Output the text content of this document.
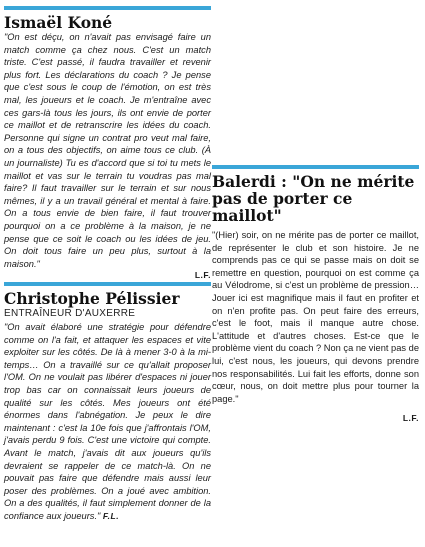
Ismaël Koné
"On est déçu, on n'avait pas envisagé faire un match comme ça chez nous. C'est un match triste. C'est passé, il faudra travailler et revenir plus fort. Les déclarations du coach ? Je pense que c'est sous le coup de l'émotion, on est très mal, les joueurs et le coach. Je m'entraîne avec ces gars-là tous les jours, ils ont envie de porter ce maillot et de retranscrire les idées du coach. Personne qui signe un contrat pro veut mal faire, on a tous des objectifs, on aime tous ce club. (À un journaliste) Tu es d'accord que si toi tu mets le maillot et vas sur le terrain tu voudras pas mal faire? Il faut travailler sur le terrain et sur nous mêmes, il y a un travail général et mental à faire. On a tous envie de bien faire, il faut trouver pourquoi on a ce problème à la maison, je ne pense que ce soit le coach ou les idées de jeu. On doit tous faire un peu plus, surtout à la maison."
L.F.
Christophe Pélissier
ENTRAÎNEUR D'AUXERRE
"On avait élaboré une stratégie pour défendre comme on l'a fait, et attaquer les espaces et vite exploiter sur les côtés. De là à mener 3-0 à la mi-temps… On a travaillé sur ce qu'allait proposer l'OM. On ne voulait pas libérer d'espaces ni jouer trop bas car on connaissait leurs joueurs de qualité sur les côtés. Mes joueurs ont été énormes dans l'abnégation. Je peux le dire maintenant : c'est la 10e fois que j'affrontais l'OM, j'avais perdu 9 fois. C'est une victoire qui compte. Avant le match, j'avais dit aux joueurs qu'ils devraient se rappeler de ce match-là. On ne pouvait pas faire que défendre mais aussi leur poser des problèmes. On a joué avec ambition. On a des qualités, il faut simplement donner de la confiance aux joueurs." F.L.
Balerdi : "On ne mérite pas de porter ce maillot"
"(Hier) soir, on ne mérite pas de porter ce maillot, de représenter le club et son histoire. Je ne comprends pas ce qui se passe mais on doit se remettre en question, pourquoi on est comme ça au Vélodrome, si c'est un problème de pression… Jouer ici est magnifique mais il faut en profiter et on n'en profite pas. On peut faire des erreurs, c'est le foot, mais il manque autre chose. L'attitude et d'autres choses. Est-ce que le problème vient du coach ? Non ça ne vient pas de lui, c'est nous, les joueurs, qui devons prendre nos responsabilités. Lui fait les efforts, donne son cœur, nous, on doit mettre plus pour tourner la page."
L.F.
